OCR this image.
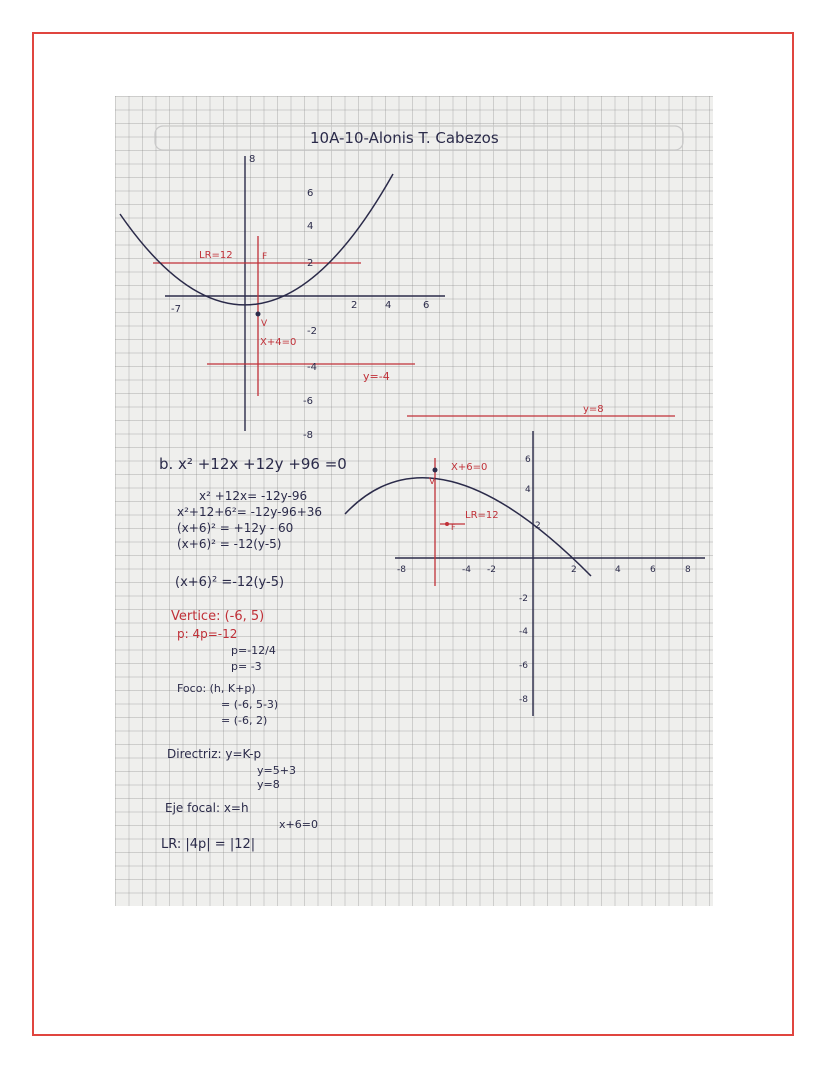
10A-10-Alonis T. Cabezos
8
6
4
2
-2
-4
-6
-8
-7	2	4	6
LR=12	F
V
X+4=0
y=-4
y=8
X+6=0
V
F
LR=12
6
4
2
-2
-4
-6
-8
-8	-4 -2	2	4	6	8
b. x² +12x +12y +96 =0
x² +12x= -12y-96
x²+12+6²= -12y-96+36
(x+6)² = +12y - 60
(x+6)² = -12(y-5)
(x+6)² =-12(y-5)
Vertice: (-6, 5)
p: 4p=-12
p=-12/4
p= -3
Foco: (h, K+p)
= (-6, 5-3)
= (-6, 2)
Directriz: y=K-p
y=5+3
y=8
Eje focal: x=h
x+6=0
LR: |4p| = |12|
